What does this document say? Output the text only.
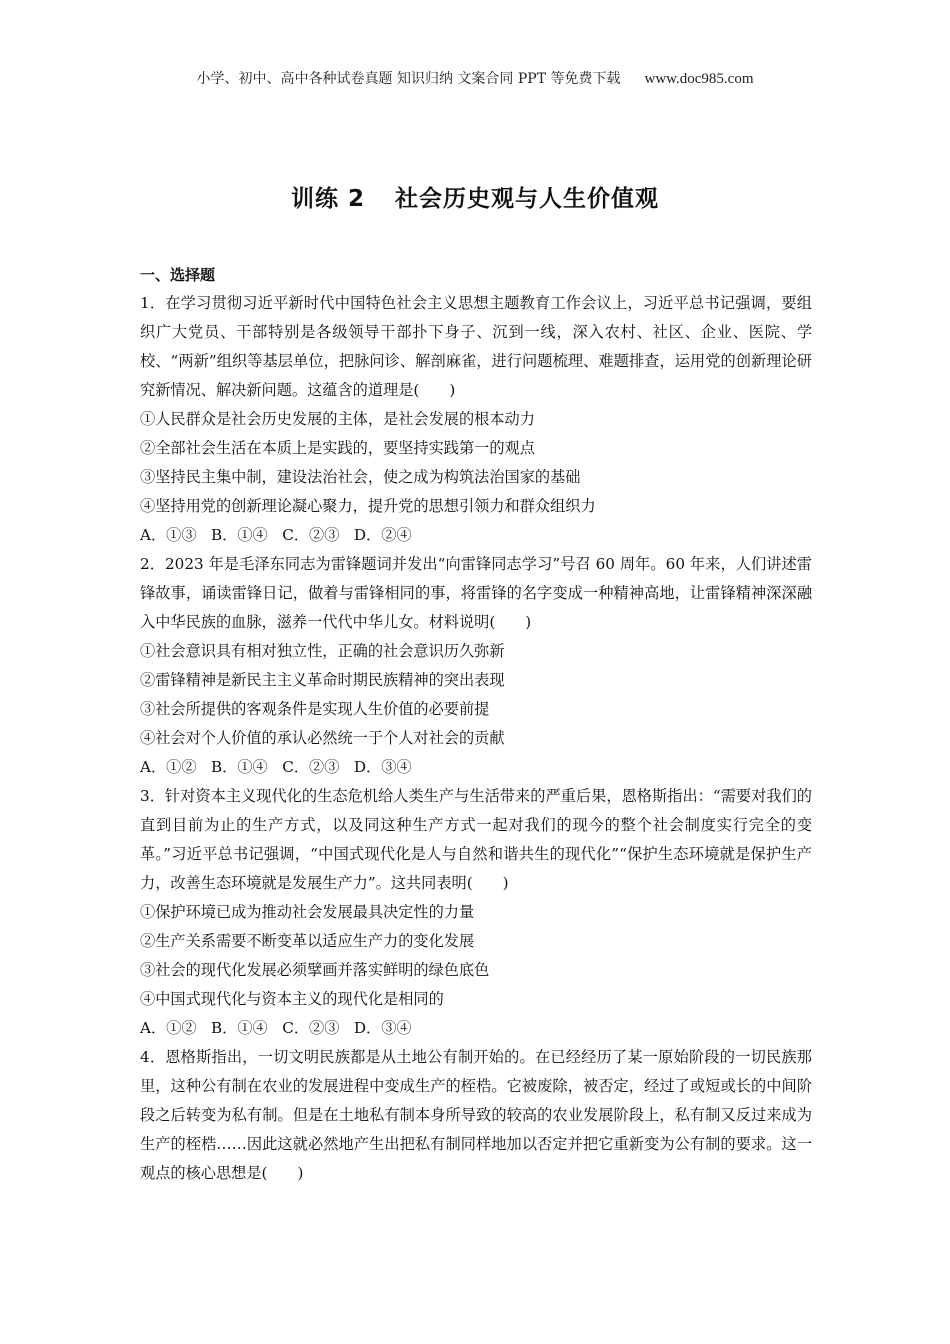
小学、初中、高中各种试卷真题 知识归纳 文案合同 PPT 等免费下载 www.doc985.com
训练 2 社会历史观与人生价值观
一、选择题
1．在学习贯彻习近平新时代中国特色社会主义思想主题教育工作会议上，习近平总书记强调，要组织广大党员、干部特别是各级领导干部扑下身子、沉到一线，深入农村、社区、企业、医院、学校、“两新”组织等基层单位，把脉问诊、解剖麻雀，进行问题梳理、难题排查，运用党的创新理论研究新情况、解决新问题。这蕴含的道理是( )
①人民群众是社会历史发展的主体，是社会发展的根本动力
②全部社会生活在本质上是实践的，要坚持实践第一的观点
③坚持民主集中制，建设法治社会，使之成为构筑法治国家的基础
④坚持用党的创新理论凝心聚力，提升党的思想引领力和群众组织力
A．①③   B．①④   C．②③   D．②④
2．2023 年是毛泽东同志为雷锋题词并发出“向雷锋同志学习”号召 60 周年。60 年来，人们讲述雷锋故事，诵读雷锋日记，做着与雷锋相同的事，将雷锋的名字变成一种精神高地，让雷锋精神深深融入中华民族的血脉，滋养一代代中华儿女。材料说明( )
①社会意识具有相对独立性，正确的社会意识历久弥新
②雷锋精神是新民主主义革命时期民族精神的突出表现
③社会所提供的客观条件是实现人生价值的必要前提
④社会对个人价值的承认必然统一于个人对社会的贡献
A．①②   B．①④   C．②③   D．③④
3．针对资本主义现代化的生态危机给人类生产与生活带来的严重后果，恩格斯指出：“需要对我们的直到目前为止的生产方式，以及同这种生产方式一起对我们的现今的整个社会制度实行完全的变革。”习近平总书记强调，“中国式现代化是人与自然和谐共生的现代化”“保护生态环境就是保护生产力，改善生态环境就是发展生产力”。这共同表明( )
①保护环境已成为推动社会发展最具决定性的力量
②生产关系需要不断变革以适应生产力的变化发展
③社会的现代化发展必须擘画并落实鲜明的绿色底色
④中国式现代化与资本主义的现代化是相同的
A．①②   B．①④   C．②③   D．③④
4．恩格斯指出，一切文明民族都是从土地公有制开始的。在已经经历了某一原始阶段的一切民族那里，这种公有制在农业的发展进程中变成生产的桎梏。它被废除，被否定，经过了或短或长的中间阶段之后转变为私有制。但是在土地私有制本身所导致的较高的农业发展阶段上，私有制又反过来成为生产的桎梏……因此这就必然地产生出把私有制同样地加以否定并把它重新变为公有制的要求。这一观点的核心思想是( )
